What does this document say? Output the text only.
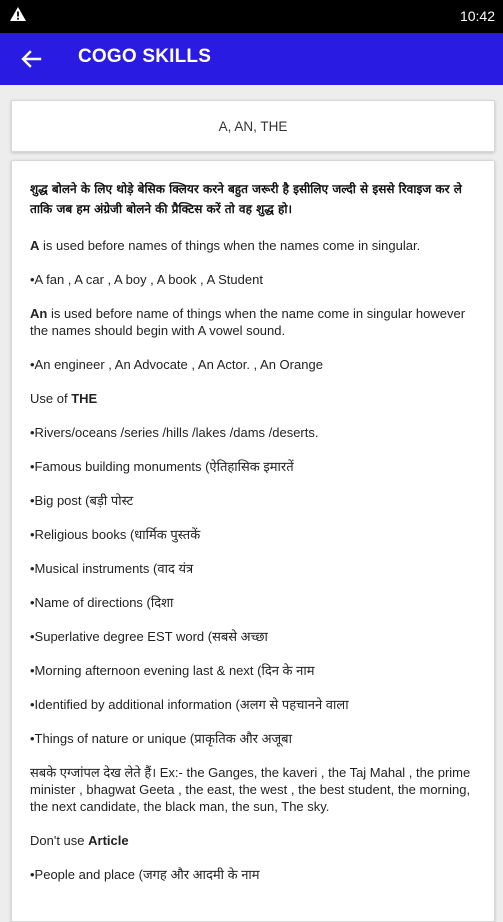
10:42
COGO SKILLS
A, AN, THE

शुद्ध बोलने के लिए थोड़े बेसिक क्लियर करने बहुत जरूरी है इसीलिए जल्दी से इससे रिवाइज कर ले ताकि जब हम अंग्रेजी बोलने की प्रैक्टिस करें तो वह शुद्ध हो।

A is used before names of things when the names come in singular.

•A fan , A car , A boy , A book , A Student

An is used before name of things when the name come in singular however the names should begin with A vowel sound.

•An engineer , An Advocate , An Actor. , An Orange

Use of THE

•Rivers/oceans /series /hills /lakes /dams /deserts.

•Famous building monuments (ऐतिहासिक इमारतें

•Big post (बड़ी पोस्ट

•Religious books (धार्मिक पुस्तकें

•Musical instruments (वाद यंत्र

•Name of directions (दिशा

•Superlative degree EST word (सबसे अच्छा

•Morning afternoon evening last & next (दिन के नाम

•Identified by additional information (अलग से पहचानने वाला

•Things of nature or unique (प्राकृतिक और अजूबा

सबके एग्जांपल देख लेते हैं। Ex:- the Ganges, the kaveri , the Taj Mahal , the prime minister , bhagwat Geeta , the east, the west , the best student, the morning, the next candidate, the black man, the sun, The sky.

Don't use Article

•People and place (जगह और आदमी के नाम
